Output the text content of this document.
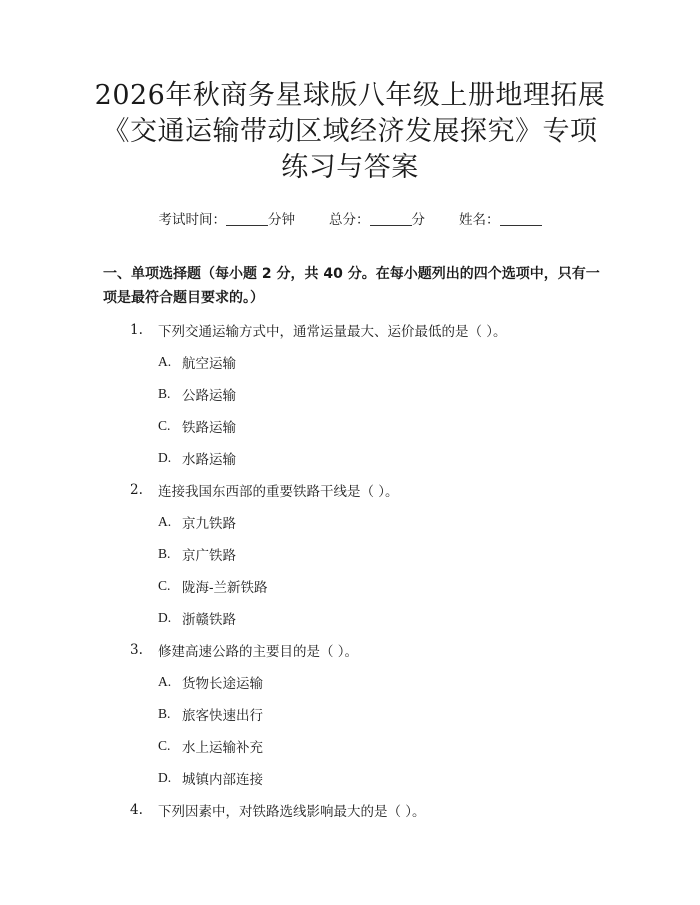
2026年秋商务星球版八年级上册地理拓展《交通运输带动区域经济发展探究》专项练习与答案
考试时间：	分钟	总分：	分	姓名：
一、单项选择题（每小题 2 分，共 40 分。在每小题列出的四个选项中，只有一项是最符合题目要求的。）
1.	下列交通运输方式中，通常运量最大、运价最低的是（ ）。
A. 航空运输
B. 公路运输
C. 铁路运输
D. 水路运输
2.	连接我国东西部的重要铁路干线是（ ）。
A. 京九铁路
B. 京广铁路
C. 陇海-兰新铁路
D. 浙赣铁路
3.	修建高速公路的主要目的是（ ）。
A. 货物长途运输
B. 旅客快速出行
C. 水上运输补充
D. 城镇内部连接
4.	下列因素中，对铁路选线影响最大的是（ ）。
